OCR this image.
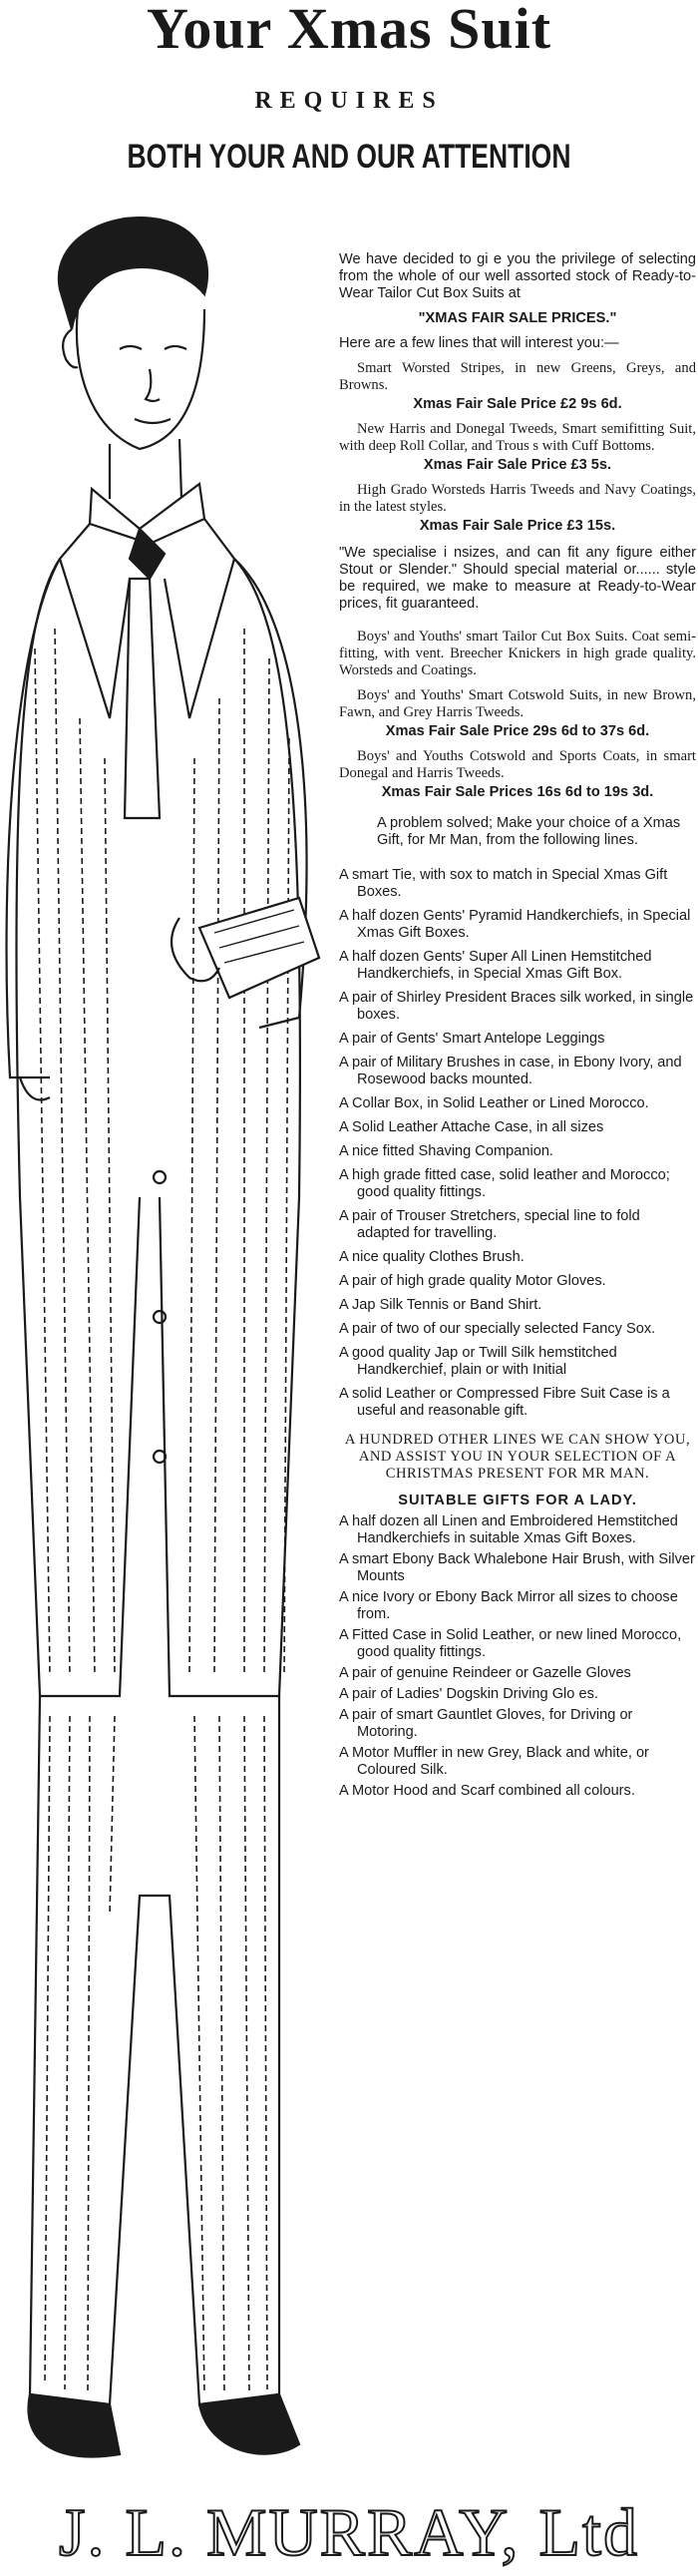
Your Xmas Suit
REQUIRES
BOTH YOUR AND OUR ATTENTION

We have decided to gi e you the privilege of selecting from the whole of our well assorted stock of Ready-to-Wear Tailor Cut Box Suits at

"XMAS FAIR SALE PRICES."

Here are a few lines that will interest you:—

Smart Worsted Stripes, in new Greens, Greys, and Browns.

Xmas Fair Sale Price £2 9s 6d.

New Harris and Donegal Tweeds, Smart semifitting Suit, with deep Roll Collar, and Trous s with Cuff Bottoms.

Xmas Fair Sale Price £3 5s.

High Grado Worsteds Harris Tweeds and Navy Coatings, in the latest styles.

Xmas Fair Sale Price £3 15s.

"We specialise i nsizes, and can fit any figure either Stout or Slender." Should special material or...... style be required, we make to measure at Ready-to-Wear prices, fit guaranteed.

Boys' and Youths' smart Tailor Cut Box Suits. Coat semi-fitting, with vent. Breecher Knickers in high grade quality. Worsteds and Coatings.

Boys' and Youths' Smart Cotswold Suits, in new Brown, Fawn, and Grey Harris Tweeds.

Xmas Fair Sale Price 29s 6d to 37s 6d.

Boys' and Youths Cotswold and Sports Coats, in smart Donegal and Harris Tweeds.

Xmas Fair Sale Prices 16s 6d to 19s 3d.

A problem solved; Make your choice of a Xmas Gift, for Mr Man, from the following lines.

A smart Tie, with sox to match in Special Xmas Gift Boxes.

A half dozen Gents' Pyramid Handkerchiefs, in Special Xmas Gift Boxes.

A half dozen Gents' Super All Linen Hemstitched Handkerchiefs, in Special Xmas Gift Box.

A pair of Shirley President Braces silk worked, in single boxes.

A pair of Gents' Smart Antelope Leggings

A pair of Military Brushes in case, in Ebony Ivory, and Rosewood backs mounted.

A Collar Box, in Solid Leather or Lined Morocco.

A Solid Leather Attache Case, in all sizes

A nice fitted Shaving Companion.

A high grade fitted case, solid leather and Morocco; good quality fittings.

A pair of Trouser Stretchers, special line to fold adapted for travelling.

A nice quality Clothes Brush.

A pair of high grade quality Motor Gloves.

A Jap Silk Tennis or Band Shirt.

A pair of two of our specially selected Fancy Sox.

A good quality Jap or Twill Silk hemstitched Handkerchief, plain or with Initial

A solid Leather or Compressed Fibre Suit Case is a useful and reasonable gift.

A HUNDRED OTHER LINES WE CAN SHOW YOU, AND ASSIST YOU IN YOUR SELECTION OF A CHRISTMAS PRESENT FOR MR MAN.

SUITABLE GIFTS FOR A LADY.

A half dozen all Linen and Embroidered Hemstitched Handkerchiefs in suitable Xmas Gift Boxes.

A smart Ebony Back Whalebone Hair Brush, with Silver Mounts

A nice Ivory or Ebony Back Mirror all sizes to choose from.

A Fitted Case in Solid Leather, or new lined Morocco, good quality fittings.

A pair of genuine Reindeer or Gazelle Gloves

A pair of Ladies' Dogskin Driving Glo es.

A pair of smart Gauntlet Gloves, for Driving or Motoring.

A Motor Muffler in new Grey, Black and white, or Coloured Silk.

A Motor Hood and Scarf combined all colours.

J. L. MURRAY, Ltd
